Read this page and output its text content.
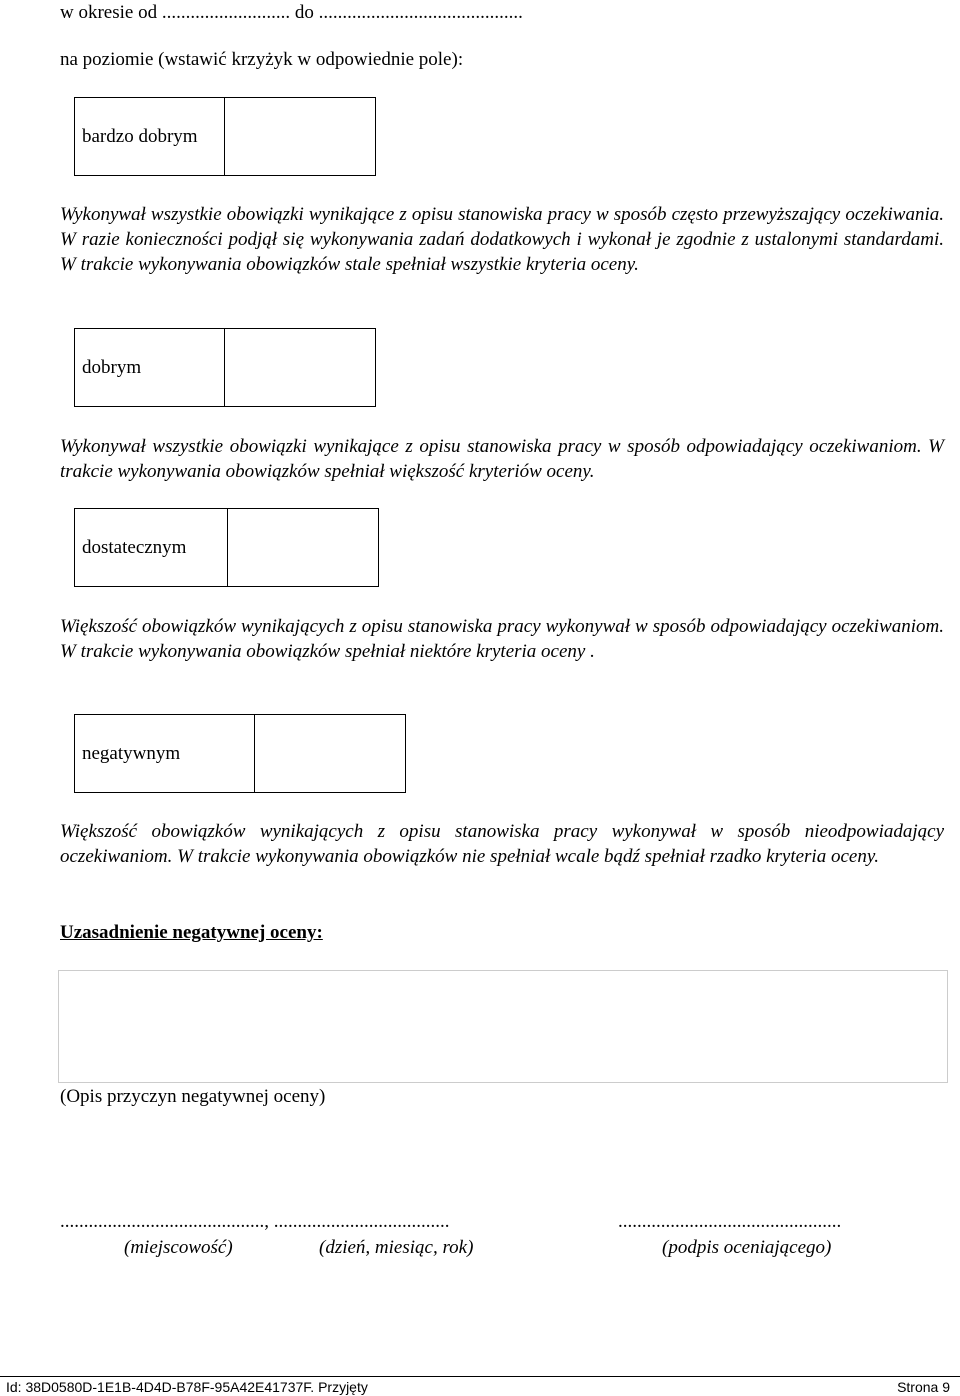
w okresie od ........................... do ...........................................
na poziomie (wstawić krzyżyk w odpowiednie pole):
bardzo dobrym
Wykonywał wszystkie obowiązki wynikające z opisu stanowiska pracy w sposób często przewyższający oczekiwania. W razie konieczności podjął się wykonywania zadań dodatkowych i wykonał je zgodnie z ustalonymi standardami. W trakcie wykonywania obowiązków stale spełniał wszystkie kryteria oceny.
dobrym
Wykonywał wszystkie obowiązki wynikające z opisu stanowiska pracy w sposób odpowiadający oczekiwaniom. W trakcie wykonywania obowiązków spełniał większość kryteriów oceny.
dostatecznym
Większość obowiązków wynikających z opisu stanowiska pracy wykonywał w sposób odpowiadający oczekiwaniom. W trakcie wykonywania obowiązków spełniał niektóre kryteria oceny .
negatywnym
Większość obowiązków wynikających z opisu stanowiska pracy wykonywał w sposób nieodpowiadający oczekiwaniom. W trakcie wykonywania obowiązków nie spełniał wcale bądź spełniał rzadko kryteria oceny.
Uzasadnienie negatywnej oceny:
(Opis przyczyn negatywnej oceny)
..........................................., .....................................	...............................................
(miejscowość)	(dzień, miesiąc, rok)	(podpis oceniającego)
Id: 38D0580D-1E1B-4D4D-B78F-95A42E41737F. Przyjęty	Strona 9
